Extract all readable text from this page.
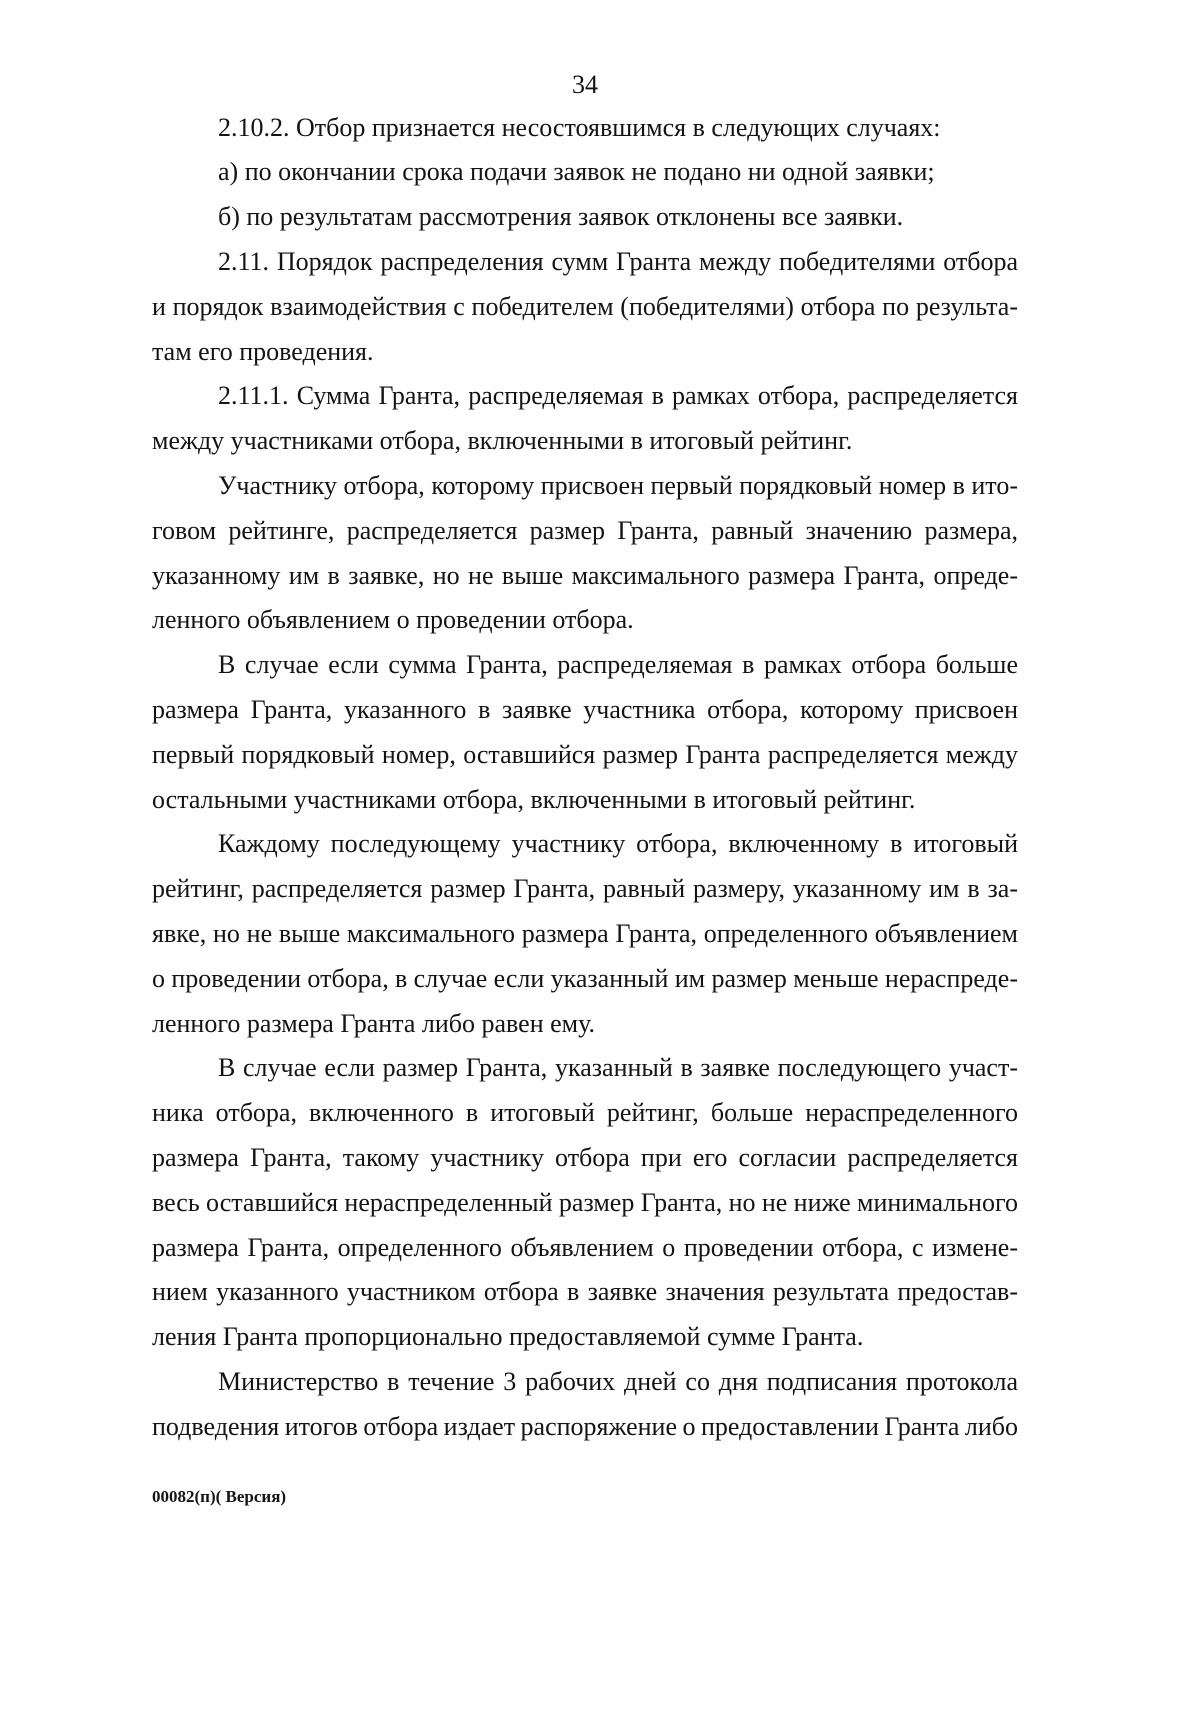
34
2.10.2. Отбор признается несостоявшимся в следующих случаях:
а) по окончании срока подачи заявок не подано ни одной заявки;
б) по результатам рассмотрения заявок отклонены все заявки.
2.11. Порядок распределения сумм Гранта между победителями отбора
и порядок взаимодействия с победителем (победителями) отбора по результа-
там его проведения.
2.11.1. Сумма Гранта, распределяемая в рамках отбора, распределяется
между участниками отбора, включенными в итоговый рейтинг.
Участнику отбора, которому присвоен первый порядковый номер в ито-
говом рейтинге, распределяется размер Гранта, равный значению размера,
указанному им в заявке, но не выше максимального размера Гранта, опреде-
ленного объявлением о проведении отбора.
В случае если сумма Гранта, распределяемая в рамках отбора больше
размера Гранта, указанного в заявке участника отбора, которому присвоен
первый порядковый номер, оставшийся размер Гранта распределяется между
остальными участниками отбора, включенными в итоговый рейтинг.
Каждому последующему участнику отбора, включенному в итоговый
рейтинг, распределяется размер Гранта, равный размеру, указанному им в за-
явке, но не выше максимального размера Гранта, определенного объявлением
о проведении отбора, в случае если указанный им размер меньше нераспреде-
ленного размера Гранта либо равен ему.
В случае если размер Гранта, указанный в заявке последующего участ-
ника отбора, включенного в итоговый рейтинг, больше нераспределенного
размера Гранта, такому участнику отбора при его согласии распределяется
весь оставшийся нераспределенный размер Гранта, но не ниже минимального
размера Гранта, определенного объявлением о проведении отбора, с измене-
нием указанного участником отбора в заявке значения результата предостав-
ления Гранта пропорционально предоставляемой сумме Гранта.
Министерство в течение 3 рабочих дней со дня подписания протокола
подведения итогов отбора издает распоряжение о предоставлении Гранта либо
00082(п)( Версия)
